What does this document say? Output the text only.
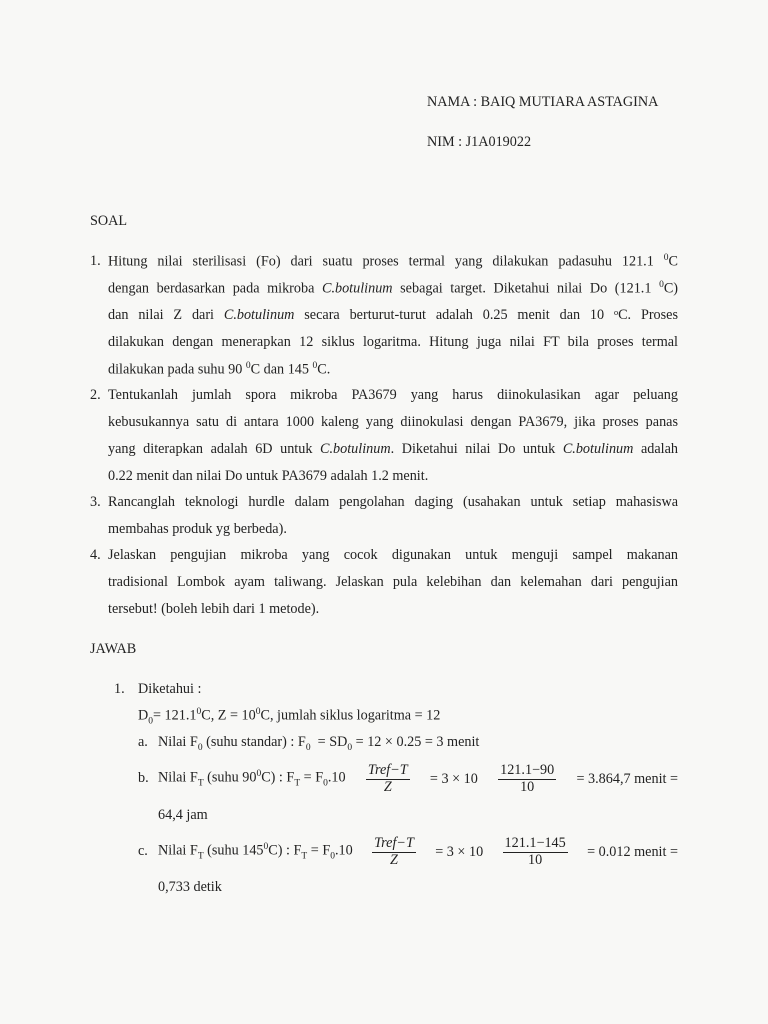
NAMA : BAIQ MUTIARA ASTAGINA
NIM : J1A019022
SOAL
1. Hitung nilai sterilisasi (Fo) dari suatu proses termal yang dilakukan padasuhu 121.1 $^0$C
dengan berdasarkan pada mikroba C.botulinum sebagai target. Diketahui nilai Do (121.1 $^0$C)
dan nilai Z dari C.botulinum secara berturut-turut adalah 0.25 menit dan 10 ᵒC. Proses
dilakukan dengan menerapkan 12 siklus logaritma. Hitung juga nilai FT bila proses termal
dilakukan pada suhu 90 $^0$C dan 145 $^0$C.
2. Tentukanlah jumlah spora mikroba PA3679 yang harus diinokulasikan agar peluang
kebusukannya satu di antara 1000 kaleng yang diinokulasi dengan PA3679, jika proses panas
yang diterapkan adalah 6D untuk C.botulinum. Diketahui nilai Do untuk C.botulinum adalah
0.22 menit dan nilai Do untuk PA3679 adalah 1.2 menit.
3. Rancanglah teknologi hurdle dalam pengolahan daging (usahakan untuk setiap mahasiswa
membahas produk yg berbeda).
4. Jelaskan pengujian mikroba yang cocok digunakan untuk menguji sampel makanan
tradisional Lombok ayam taliwang. Jelaskan pula kelebihan dan kelemahan dari pengujian
tersebut! (boleh lebih dari 1 metode).
JAWAB
1. Diketahui :
$D_0= 121.1^0C$, $Z = 10^0C$, jumlah siklus logaritma = 12
a. Nilai $F_0$ (suhu standar) : $F_0 = SD_0 = 12 \times 0.25 = 3$ menit
b. Nilai $F_T$ (suhu $90^0C$) : $F_T = F_0.10 \frac{\text{Tref−T}}{Z} = 3 \times 10 \frac{121.1-90}{10} = 3.864,7$ menit =
64,4 jam
c. Nilai $F_T$ (suhu $145^0C$) : $F_T = F_0.10 \frac{\text{Tref−T}}{Z} = 3 \times 10 \frac{121.1-145}{10} = 0.012$ menit =
0,733 detik
